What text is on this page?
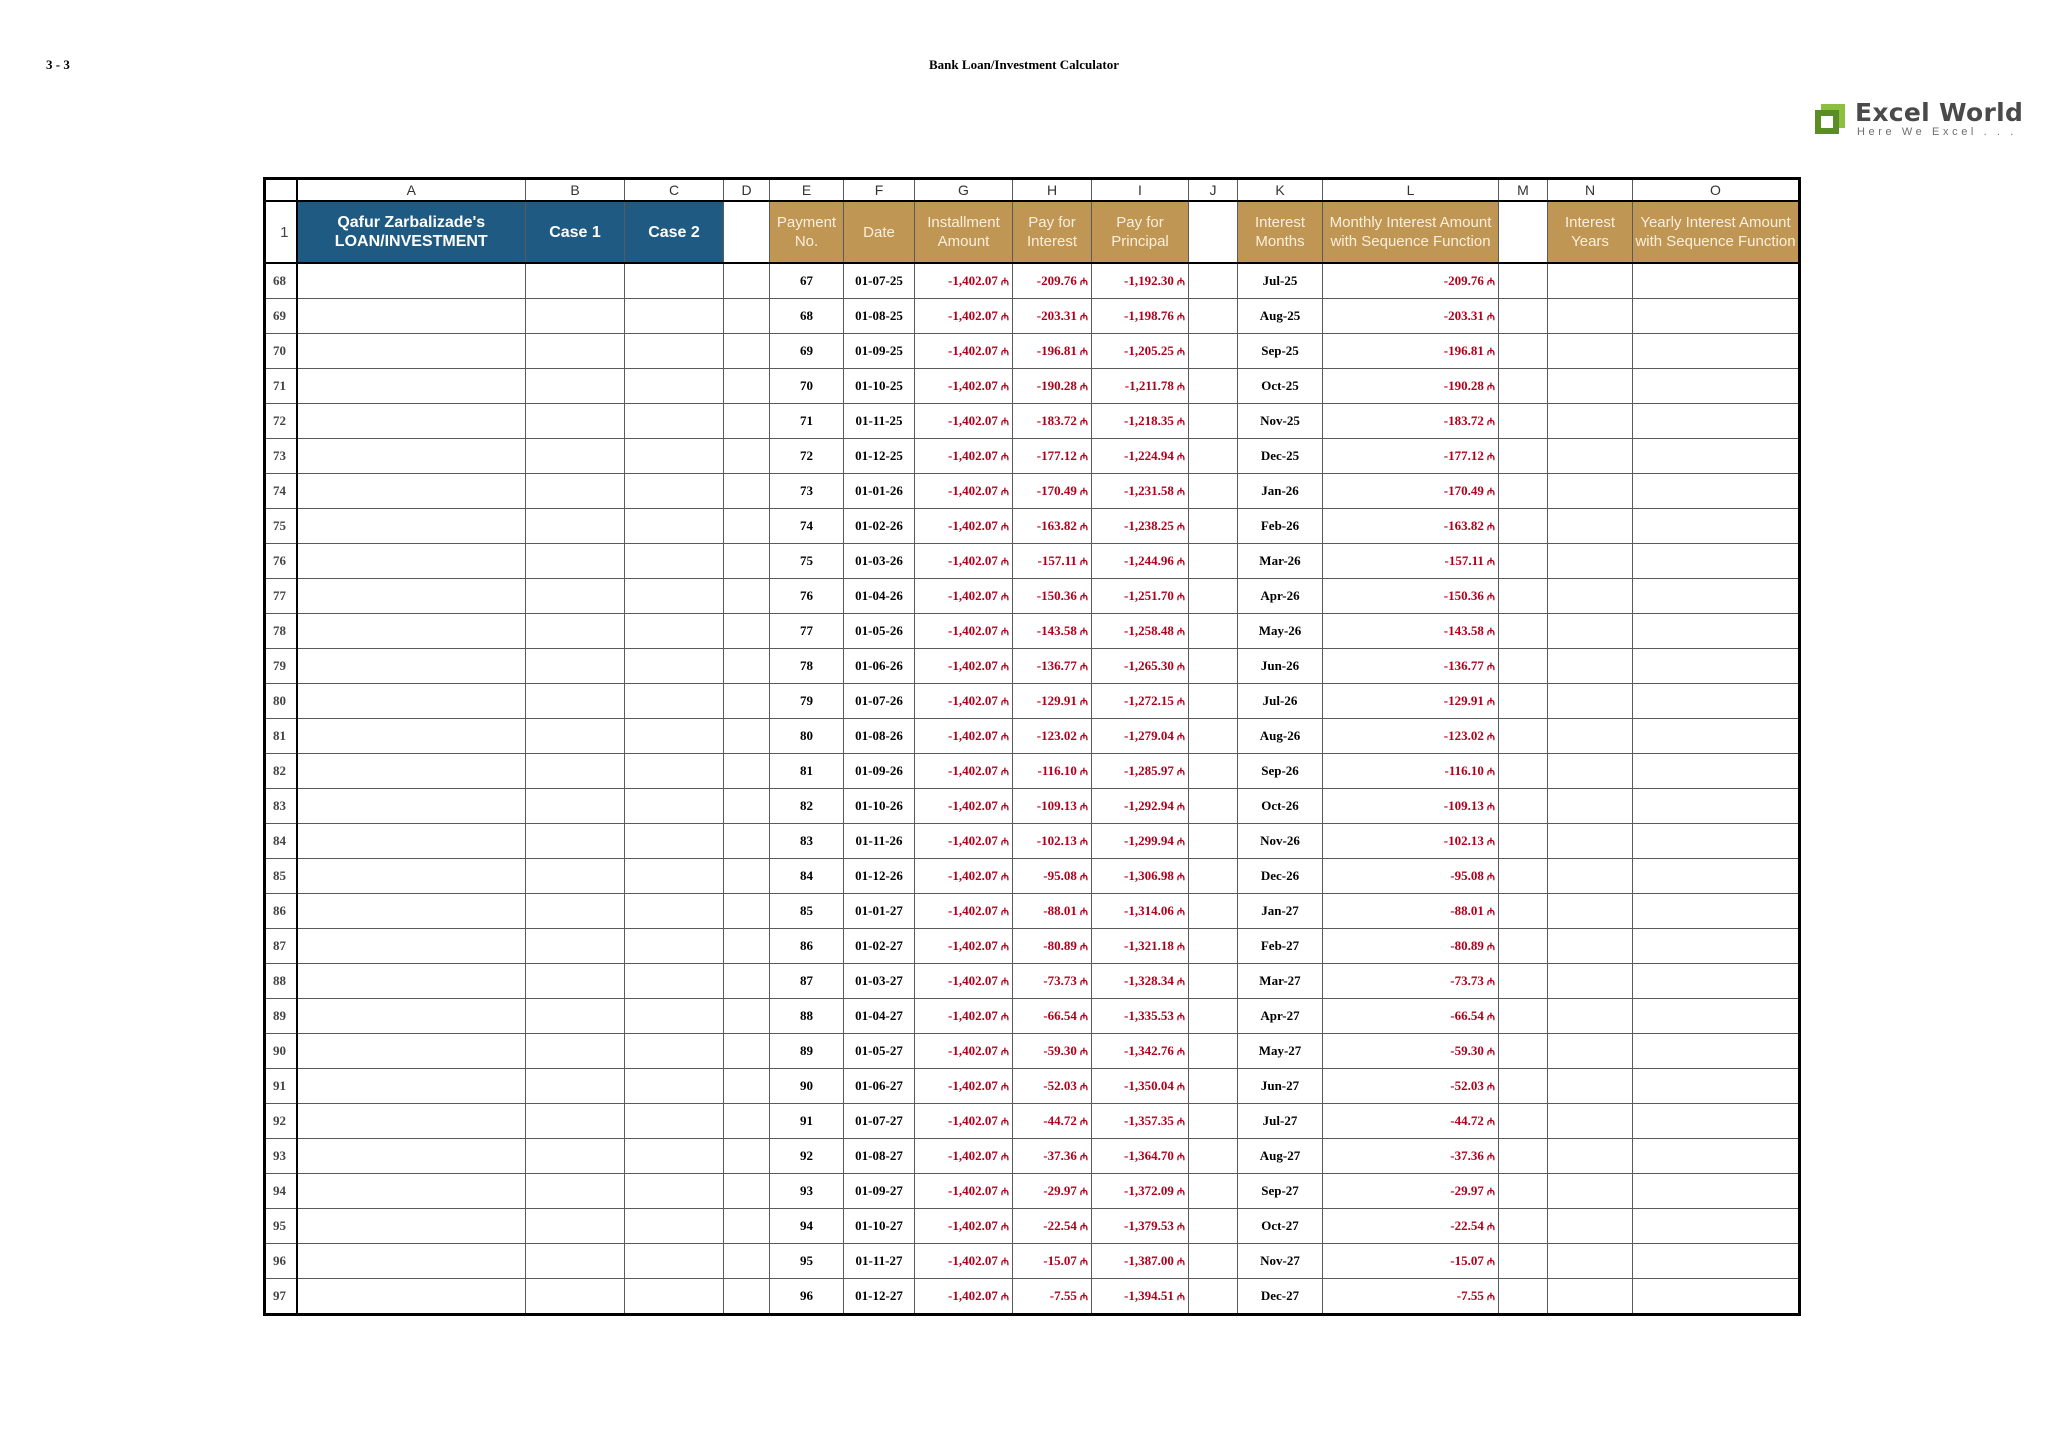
3 - 3	Bank Loan/Investment Calculator
Excel World
Here We Excel . . .
	A	B	C	D	E	F	G	H	I	J	K	L	M	N	O
1	Qafur Zarbalizade's LOAN/INVESTMENT	Case 1	Case 2		Payment No.	Date	Installment Amount	Pay for Interest	Pay for Principal		Interest Months	Monthly Interest Amount with Sequence Function		Interest Years	Yearly Interest Amount with Sequence Function
68					67	01-07-25	-1,402.07 ₼	-209.76 ₼	-1,192.30 ₼		Jul-25	-209.76 ₼			
69					68	01-08-25	-1,402.07 ₼	-203.31 ₼	-1,198.76 ₼		Aug-25	-203.31 ₼			
70					69	01-09-25	-1,402.07 ₼	-196.81 ₼	-1,205.25 ₼		Sep-25	-196.81 ₼			
71					70	01-10-25	-1,402.07 ₼	-190.28 ₼	-1,211.78 ₼		Oct-25	-190.28 ₼			
72					71	01-11-25	-1,402.07 ₼	-183.72 ₼	-1,218.35 ₼		Nov-25	-183.72 ₼			
73					72	01-12-25	-1,402.07 ₼	-177.12 ₼	-1,224.94 ₼		Dec-25	-177.12 ₼			
74					73	01-01-26	-1,402.07 ₼	-170.49 ₼	-1,231.58 ₼		Jan-26	-170.49 ₼			
75					74	01-02-26	-1,402.07 ₼	-163.82 ₼	-1,238.25 ₼		Feb-26	-163.82 ₼			
76					75	01-03-26	-1,402.07 ₼	-157.11 ₼	-1,244.96 ₼		Mar-26	-157.11 ₼			
77					76	01-04-26	-1,402.07 ₼	-150.36 ₼	-1,251.70 ₼		Apr-26	-150.36 ₼			
78					77	01-05-26	-1,402.07 ₼	-143.58 ₼	-1,258.48 ₼		May-26	-143.58 ₼			
79					78	01-06-26	-1,402.07 ₼	-136.77 ₼	-1,265.30 ₼		Jun-26	-136.77 ₼			
80					79	01-07-26	-1,402.07 ₼	-129.91 ₼	-1,272.15 ₼		Jul-26	-129.91 ₼			
81					80	01-08-26	-1,402.07 ₼	-123.02 ₼	-1,279.04 ₼		Aug-26	-123.02 ₼			
82					81	01-09-26	-1,402.07 ₼	-116.10 ₼	-1,285.97 ₼		Sep-26	-116.10 ₼			
83					82	01-10-26	-1,402.07 ₼	-109.13 ₼	-1,292.94 ₼		Oct-26	-109.13 ₼			
84					83	01-11-26	-1,402.07 ₼	-102.13 ₼	-1,299.94 ₼		Nov-26	-102.13 ₼			
85					84	01-12-26	-1,402.07 ₼	-95.08 ₼	-1,306.98 ₼		Dec-26	-95.08 ₼			
86					85	01-01-27	-1,402.07 ₼	-88.01 ₼	-1,314.06 ₼		Jan-27	-88.01 ₼			
87					86	01-02-27	-1,402.07 ₼	-80.89 ₼	-1,321.18 ₼		Feb-27	-80.89 ₼			
88					87	01-03-27	-1,402.07 ₼	-73.73 ₼	-1,328.34 ₼		Mar-27	-73.73 ₼			
89					88	01-04-27	-1,402.07 ₼	-66.54 ₼	-1,335.53 ₼		Apr-27	-66.54 ₼			
90					89	01-05-27	-1,402.07 ₼	-59.30 ₼	-1,342.76 ₼		May-27	-59.30 ₼			
91					90	01-06-27	-1,402.07 ₼	-52.03 ₼	-1,350.04 ₼		Jun-27	-52.03 ₼			
92					91	01-07-27	-1,402.07 ₼	-44.72 ₼	-1,357.35 ₼		Jul-27	-44.72 ₼			
93					92	01-08-27	-1,402.07 ₼	-37.36 ₼	-1,364.70 ₼		Aug-27	-37.36 ₼			
94					93	01-09-27	-1,402.07 ₼	-29.97 ₼	-1,372.09 ₼		Sep-27	-29.97 ₼			
95					94	01-10-27	-1,402.07 ₼	-22.54 ₼	-1,379.53 ₼		Oct-27	-22.54 ₼			
96					95	01-11-27	-1,402.07 ₼	-15.07 ₼	-1,387.00 ₼		Nov-27	-15.07 ₼			
97					96	01-12-27	-1,402.07 ₼	-7.55 ₼	-1,394.51 ₼		Dec-27	-7.55 ₼			
